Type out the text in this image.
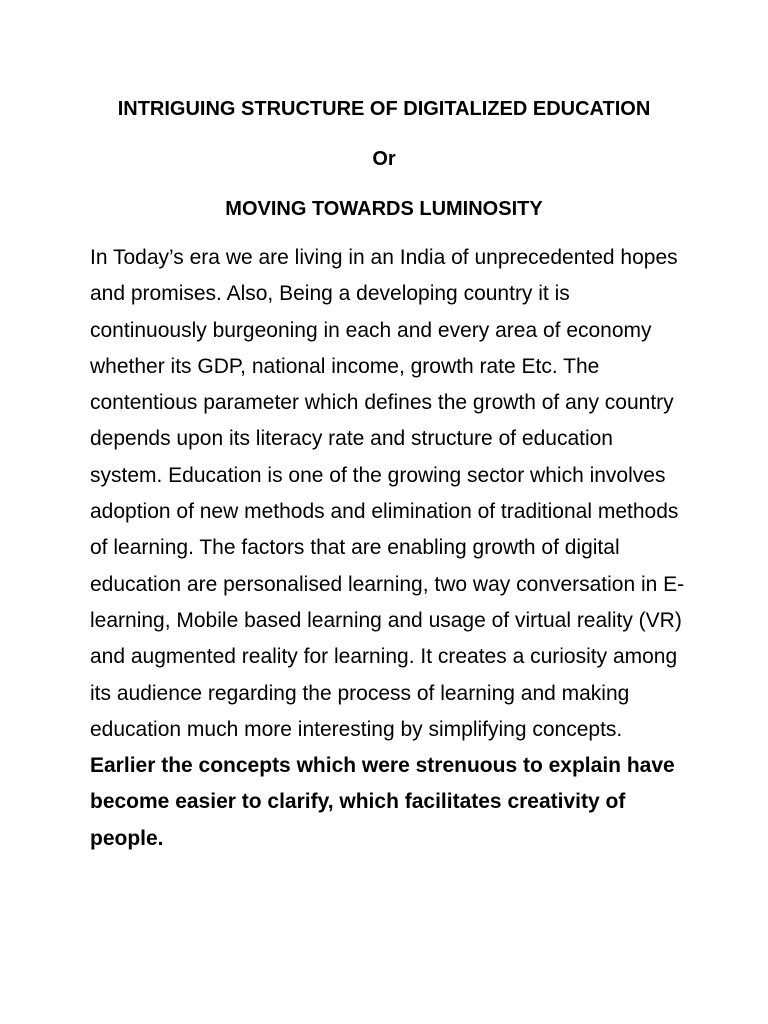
INTRIGUING STRUCTURE OF DIGITALIZED EDUCATION
Or
MOVING TOWARDS LUMINOSITY
In Today’s era we are living in an India of unprecedented hopes and promises. Also, Being a developing country it is continuously burgeoning in each and every area of economy whether its GDP, national income, growth rate Etc. The contentious parameter which defines the growth of any country depends upon its literacy rate and structure of education system. Education is one of the growing sector which involves adoption of new methods and elimination of traditional methods of learning. The factors that are enabling growth of digital education are personalised learning, two way conversation in E-learning, Mobile based learning and usage of virtual reality (VR) and augmented reality for learning. It creates a curiosity among its audience regarding the process of learning and making education much more interesting by simplifying concepts. Earlier the concepts which were strenuous to explain have become easier to clarify, which facilitates creativity of people.
